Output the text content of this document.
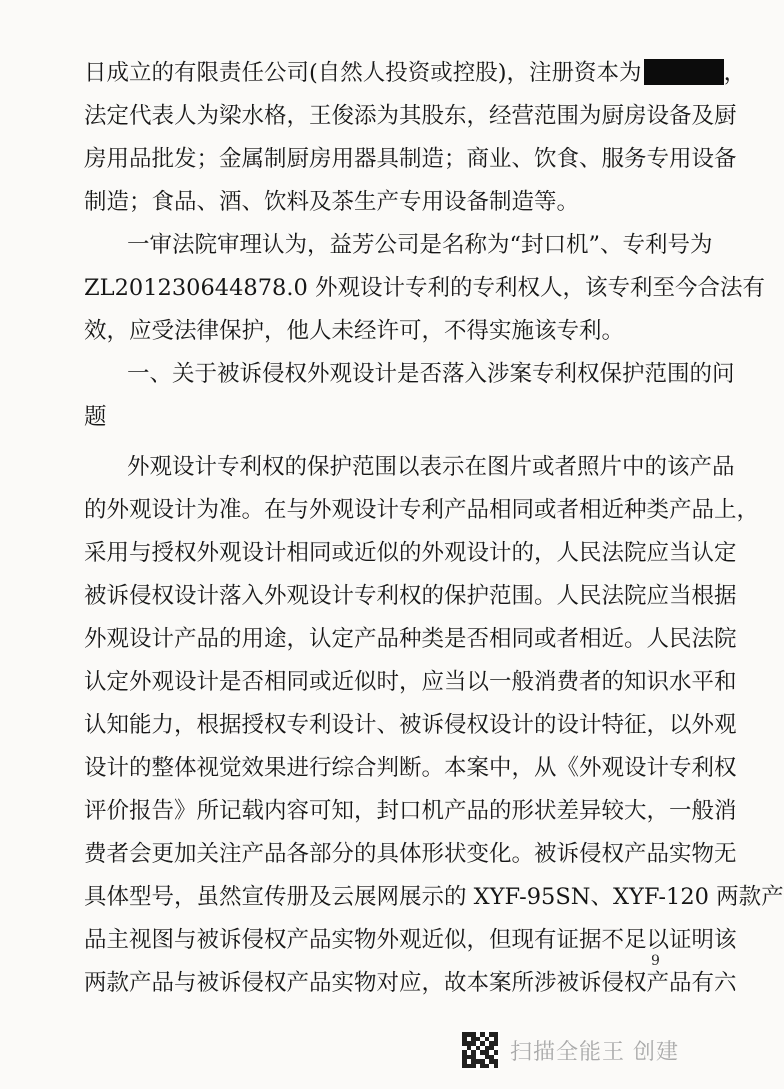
日成立的有限责任公司(自然人投资或控股)，注册资本为	，
法定代表人为梁水格，王俊添为其股东，经营范围为厨房设备及厨
房用品批发；金属制厨房用器具制造；商业、饮食、服务专用设备
制造；食品、酒、饮料及茶生产专用设备制造等。
一审法院审理认为，益芳公司是名称为“封口机”、专利号为
ZL201230644878.0 外观设计专利的专利权人，该专利至今合法有
效，应受法律保护，他人未经许可，不得实施该专利。
一、关于被诉侵权外观设计是否落入涉案专利权保护范围的问
题
外观设计专利权的保护范围以表示在图片或者照片中的该产品
的外观设计为准。在与外观设计专利产品相同或者相近种类产品上，
采用与授权外观设计相同或近似的外观设计的，人民法院应当认定
被诉侵权设计落入外观设计专利权的保护范围。人民法院应当根据
外观设计产品的用途，认定产品种类是否相同或者相近。人民法院
认定外观设计是否相同或近似时，应当以一般消费者的知识水平和
认知能力，根据授权专利设计、被诉侵权设计的设计特征，以外观
设计的整体视觉效果进行综合判断。本案中，从《外观设计专利权
评价报告》所记载内容可知，封口机产品的形状差异较大，一般消
费者会更加关注产品各部分的具体形状变化。被诉侵权产品实物无
具体型号，虽然宣传册及云展网展示的 XYF-95SN、XYF-120 两款产
品主视图与被诉侵权产品实物外观近似，但现有证据不足以证明该
两款产品与被诉侵权产品实物对应，故本案所涉被诉侵权产品有六
9
扫描全能王 创建
